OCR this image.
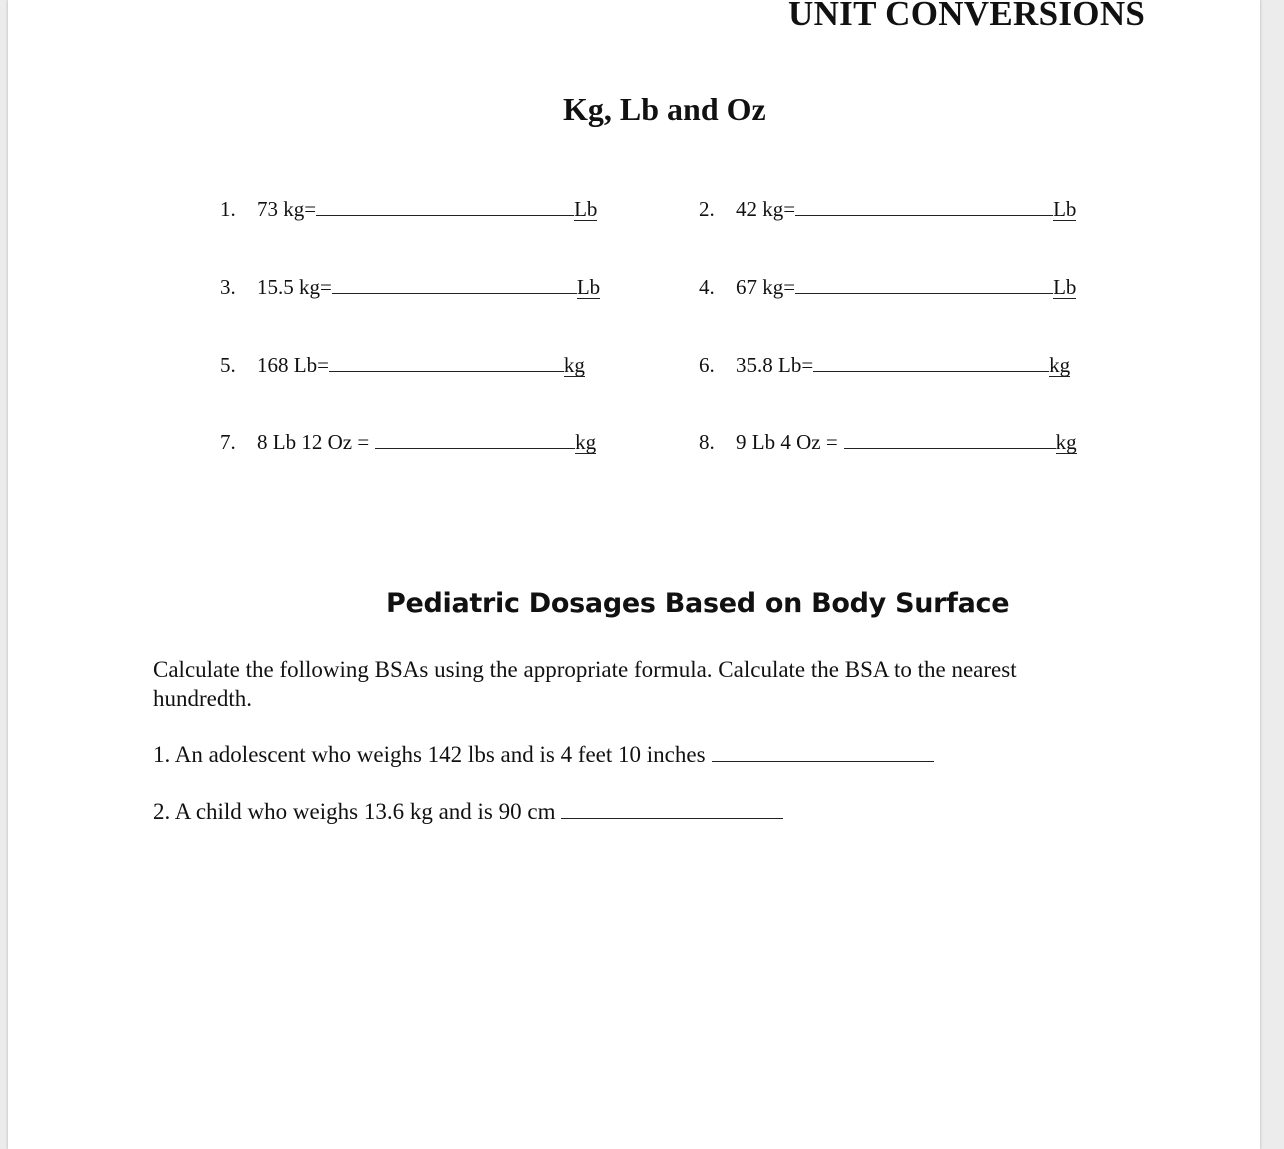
UNIT CONVERSIONS
Kg, Lb and Oz
1.	73 kg=	Lb
3.	15.5 kg=	Lb
5.	168 Lb=	kg
7.	8 Lb 12 Oz =	kg
2.	42 kg=	Lb
4.	67 kg=	Lb
6.	35.8 Lb=	kg
8.	9 Lb 4 Oz =	kg
Pediatric Dosages Based on Body Surface
Calculate the following BSAs using the appropriate formula. Calculate the BSA to the nearest hundredth.
1. An adolescent who weighs 142 lbs and is 4 feet 10 inches
2. A child who weighs 13.6 kg and is 90 cm
